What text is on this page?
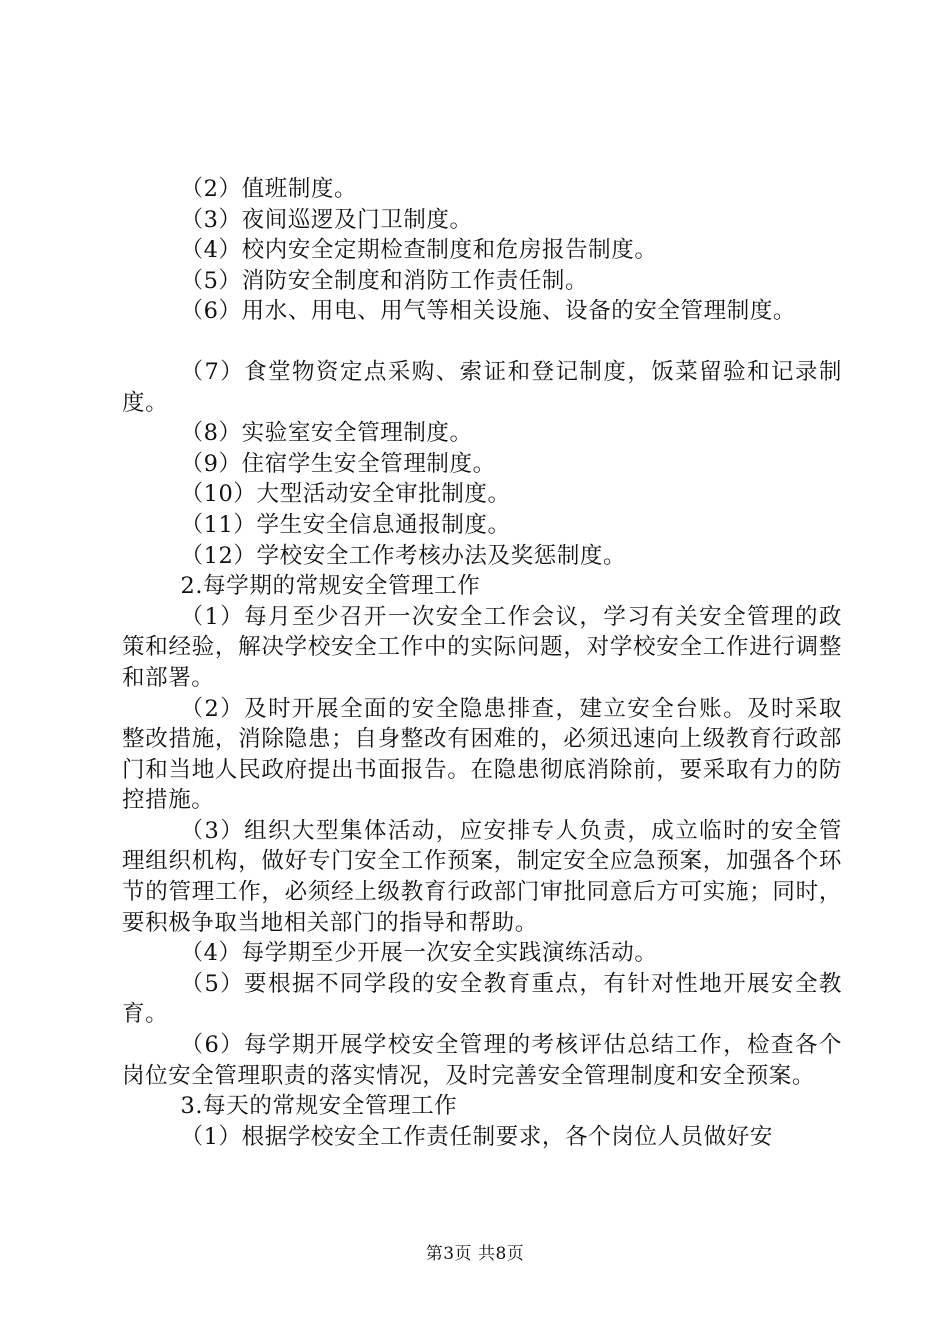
（2）值班制度。

（3）夜间巡逻及门卫制度。

（4）校内安全定期检查制度和危房报告制度。

（5）消防安全制度和消防工作责任制。

（6）用水、用电、用气等相关设施、设备的安全管理制度。

（7）食堂物资定点采购、索证和登记制度，饭菜留验和记录制度。

（8）实验室安全管理制度。

（9）住宿学生安全管理制度。

（10）大型活动安全审批制度。

（11）学生安全信息通报制度。

（12）学校安全工作考核办法及奖惩制度。

2.每学期的常规安全管理工作

（1）每月至少召开一次安全工作会议，学习有关安全管理的政策和经验，解决学校安全工作中的实际问题，对学校安全工作进行调整和部署。

（2）及时开展全面的安全隐患排查，建立安全台账。及时采取整改措施，消除隐患；自身整改有困难的，必须迅速向上级教育行政部门和当地人民政府提出书面报告。在隐患彻底消除前，要采取有力的防控措施。

（3）组织大型集体活动，应安排专人负责，成立临时的安全管理组织机构，做好专门安全工作预案，制定安全应急预案，加强各个环节的管理工作，必须经上级教育行政部门审批同意后方可实施；同时，要积极争取当地相关部门的指导和帮助。

（4）每学期至少开展一次安全实践演练活动。

（5）要根据不同学段的安全教育重点，有针对性地开展安全教育。

（6）每学期开展学校安全管理的考核评估总结工作，检查各个岗位安全管理职责的落实情况，及时完善安全管理制度和安全预案。

3.每天的常规安全管理工作

（1）根据学校安全工作责任制要求，各个岗位人员做好安

第3页 共8页
